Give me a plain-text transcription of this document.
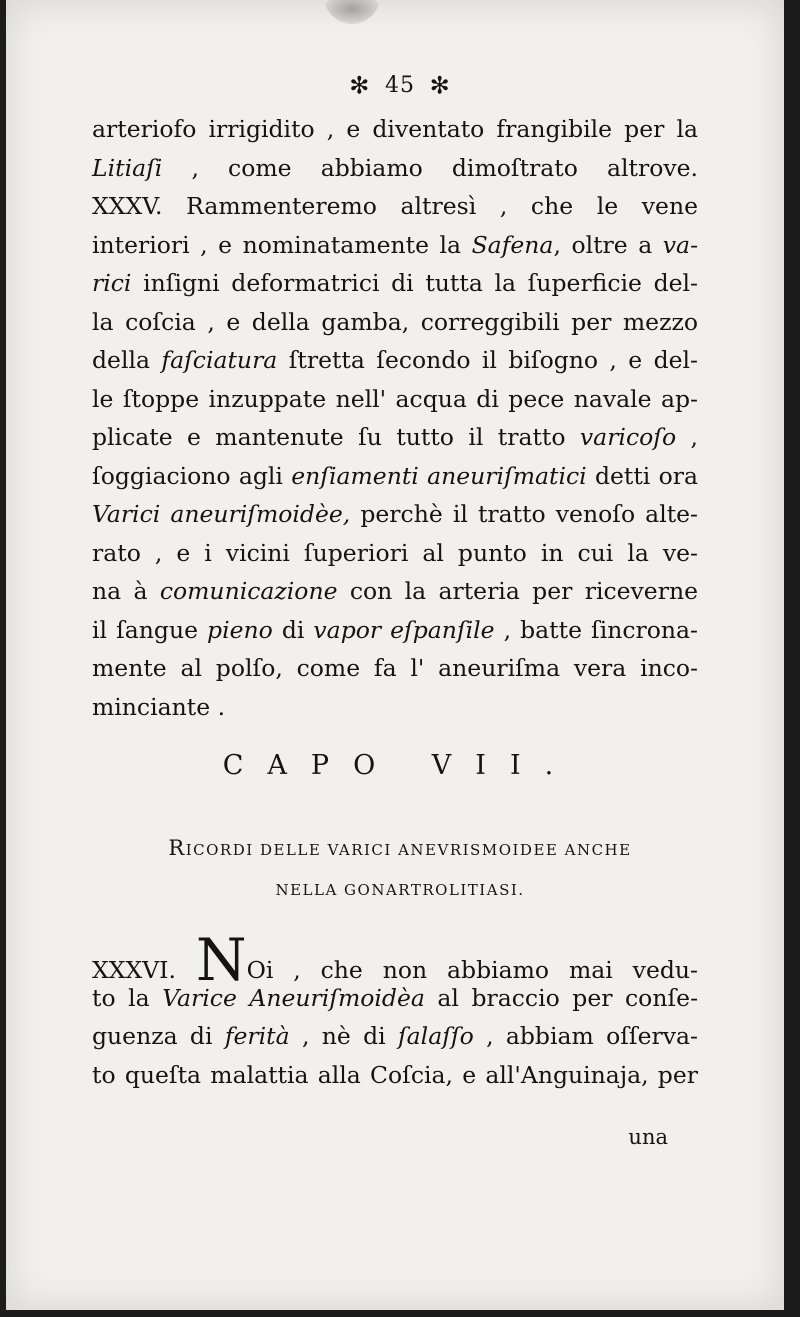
✻ 45 ✻
arteriofo irrigidito , e diventato frangibile per la
Litiaſi , come abbiamo dimoſtrato altrove.
XXXV. Rammenteremo altresì , che le vene
interiori , e nominatamente la Safena, oltre a va-
rici inſigni deformatrici di tutta la ſuperficie del-
la coſcia , e della gamba, correggibili per mezzo
della faſciatura ſtretta ſecondo il biſogno , e del-
le ſtoppe inzuppate nell' acqua di pece navale ap-
plicate e mantenute ſu tutto il tratto varicoſo ,
ſoggiaciono agli enſiamenti aneuriſmatici detti ora
Varici aneuriſmoidèe, perchè il tratto venoſo alte-
rato , e i vicini ſuperiori al punto in cui la ve-
na à comunicazione con la arteria per riceverne
il ſangue pieno di vapor eſpanſile , batte ſincrona-
mente al polſo, come fa l' aneuriſma vera inco-
minciante .
CAPO VII.
RICORDI DELLE VARICI ANEVRISMOIDEE ANCHE
NELLA GONARTROLITIASI.
XXXVI. NOi , che non abbiamo mai vedu-
to la Varice Aneuriſmoidèa al braccio per conſe-
guenza di ferità , nè di ſalaſſo , abbiam oſſerva-
to queſta malattia alla Coſcia, e all'Anguinaja, per
una
